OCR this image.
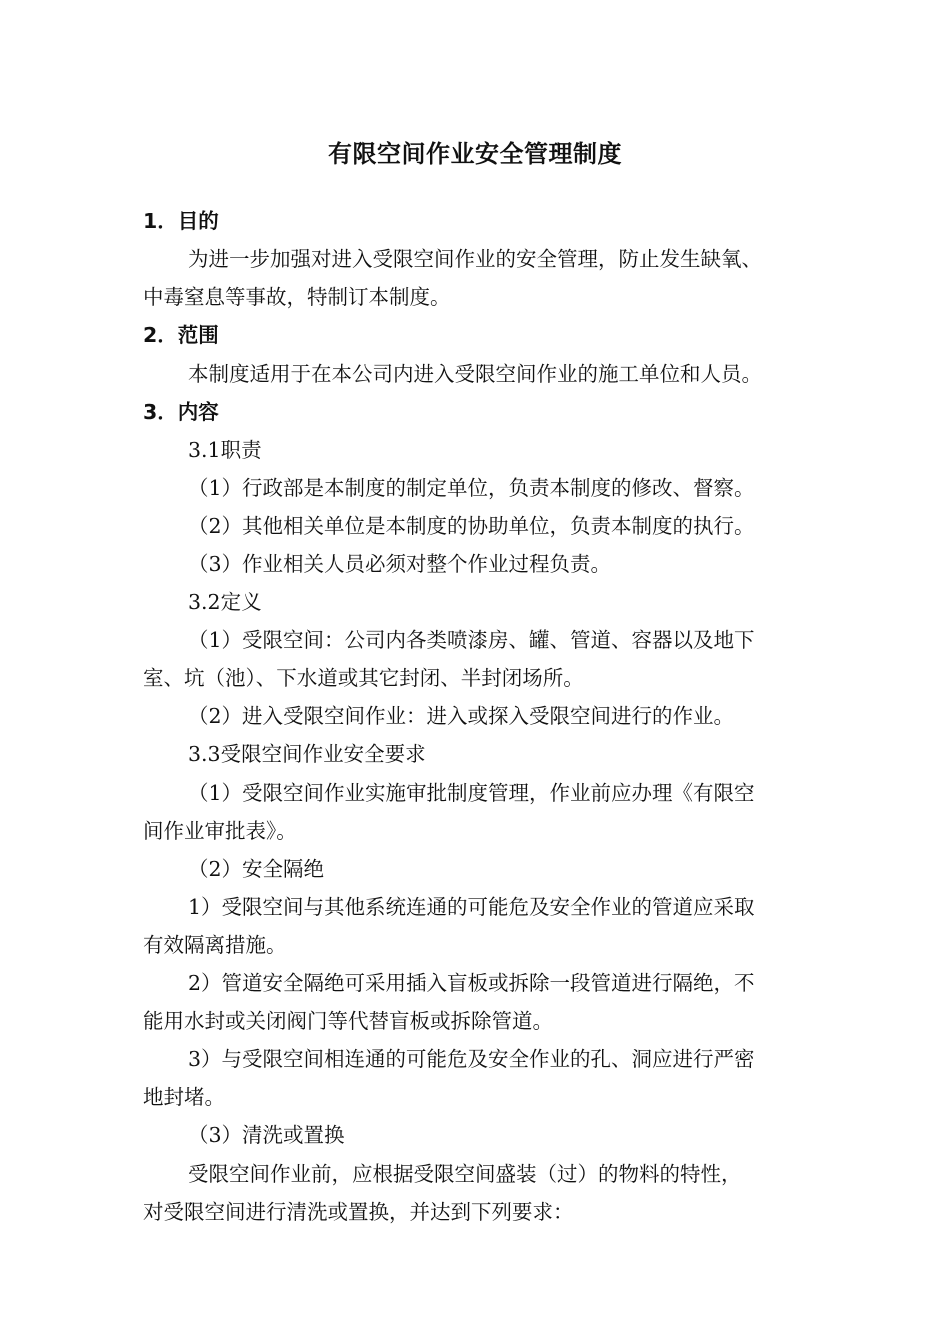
有限空间作业安全管理制度
1．目的
为进一步加强对进入受限空间作业的安全管理，防止发生缺氧、
中毒窒息等事故，特制订本制度。
2．范围
本制度适用于在本公司内进入受限空间作业的施工单位和人员。
3．内容
3.1职责
（1）行政部是本制度的制定单位，负责本制度的修改、督察。
（2）其他相关单位是本制度的协助单位，负责本制度的执行。
（3）作业相关人员必须对整个作业过程负责。
3.2定义
（1）受限空间：公司内各类喷漆房、罐、管道、容器以及地下
室、坑（池）、下水道或其它封闭、半封闭场所。
（2）进入受限空间作业：进入或探入受限空间进行的作业。
3.3受限空间作业安全要求
（1）受限空间作业实施审批制度管理，作业前应办理《有限空
间作业审批表》。
（2）安全隔绝
1）受限空间与其他系统连通的可能危及安全作业的管道应采取
有效隔离措施。
2）管道安全隔绝可采用插入盲板或拆除一段管道进行隔绝，不
能用水封或关闭阀门等代替盲板或拆除管道。
3）与受限空间相连通的可能危及安全作业的孔、洞应进行严密
地封堵。
（3）清洗或置换
受限空间作业前，应根据受限空间盛装（过）的物料的特性，
对受限空间进行清洗或置换，并达到下列要求：
